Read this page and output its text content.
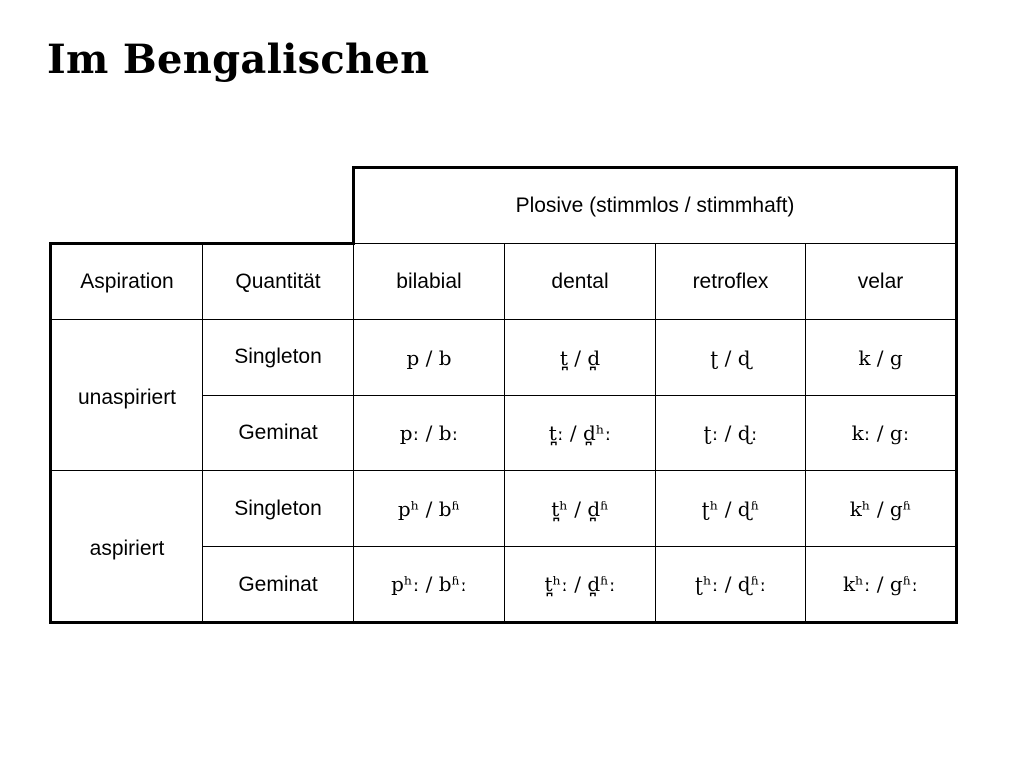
Im Bengalischen
Plosive (stimmlos / stimmhaft)
Aspiration	Quantität	bilabial	dental	retroflex	velar
unaspiriert
Singleton	p / b	t̪ / d̪	ʈ / ɖ	k / g
Geminat	pː / bː	t̪ː / d̪ʰː	ʈː / ɖː	kː / gː
aspiriert
Singleton	pʰ / bʱ	t̪ʰ / d̪ʱ	ʈʰ / ɖʱ	kʰ / gʱ
Geminat	pʰː / bʱː	t̪ʰː / d̪ʱː	ʈʰː / ɖʱː	kʰː / gʱː
